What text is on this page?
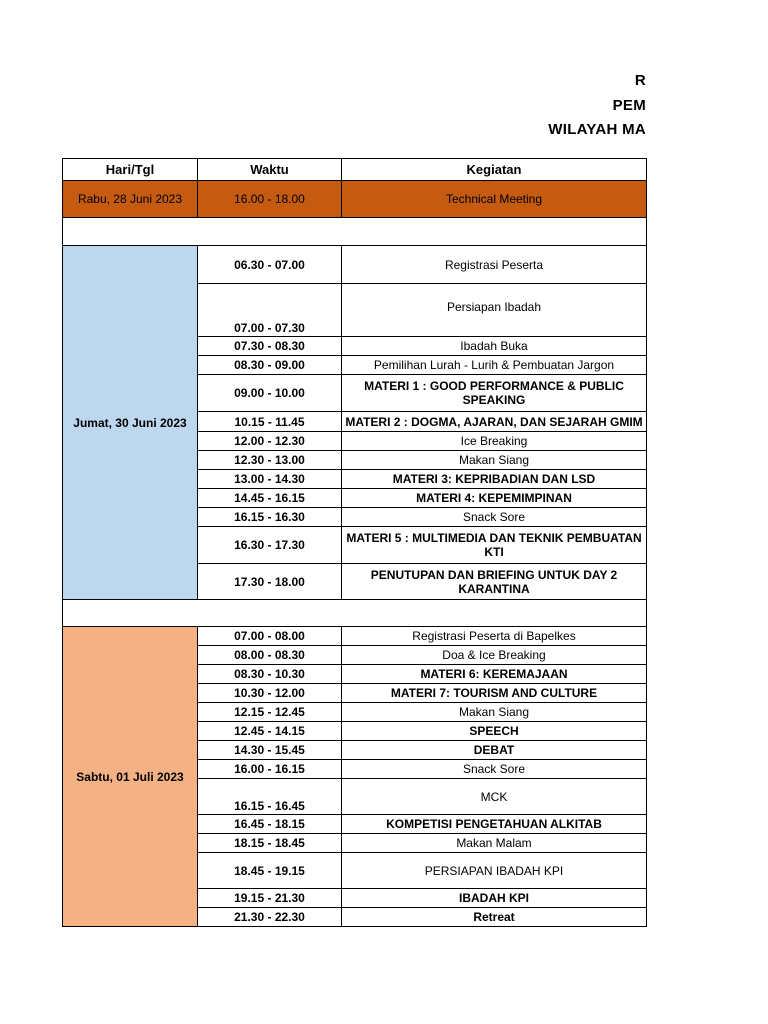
R
PEM
WILAYAH MA
Hari/Tgl	Waktu	Kegiatan
Rabu, 28 Juni 2023	16.00 - 18.00	Technical Meeting

Jumat, 30 Juni 2023	06.30 - 07.00	Registrasi Peserta
	07.00 - 07.30	Persiapan Ibadah
	07.30 - 08.30	Ibadah Buka
	08.30 - 09.00	Pemilihan Lurah - Lurih & Pembuatan Jargon
	09.00 - 10.00	MATERI 1 : GOOD PERFORMANCE & PUBLIC SPEAKING
	10.15 - 11.45	MATERI 2 : DOGMA, AJARAN, DAN SEJARAH GMIM
	12.00 - 12.30	Ice Breaking
	12.30 - 13.00	Makan Siang
	13.00 - 14.30	MATERI 3: KEPRIBADIAN DAN LSD
	14.45 - 16.15	MATERI 4: KEPEMIMPINAN
	16.15 - 16.30	Snack Sore
	16.30 - 17.30	MATERI 5 : MULTIMEDIA DAN TEKNIK PEMBUATAN KTI
	17.30 - 18.00	PENUTUPAN DAN BRIEFING UNTUK DAY 2 KARANTINA

Sabtu, 01 Juli 2023	07.00 - 08.00	Registrasi Peserta di Bapelkes
	08.00 - 08.30	Doa & Ice Breaking
	08.30 - 10.30	MATERI 6: KEREMAJAAN
	10.30 - 12.00	MATERI 7: TOURISM AND CULTURE
	12.15 - 12.45	Makan Siang
	12.45 - 14.15	SPEECH
	14.30 - 15.45	DEBAT
	16.00 - 16.15	Snack Sore
	16.15 - 16.45	MCK
	16.45 - 18.15	KOMPETISI PENGETAHUAN ALKITAB
	18.15 - 18.45	Makan Malam
	18.45 - 19.15	PERSIAPAN IBADAH KPI
	19.15 - 21.30	IBADAH KPI
	21.30 - 22.30	Retreat
